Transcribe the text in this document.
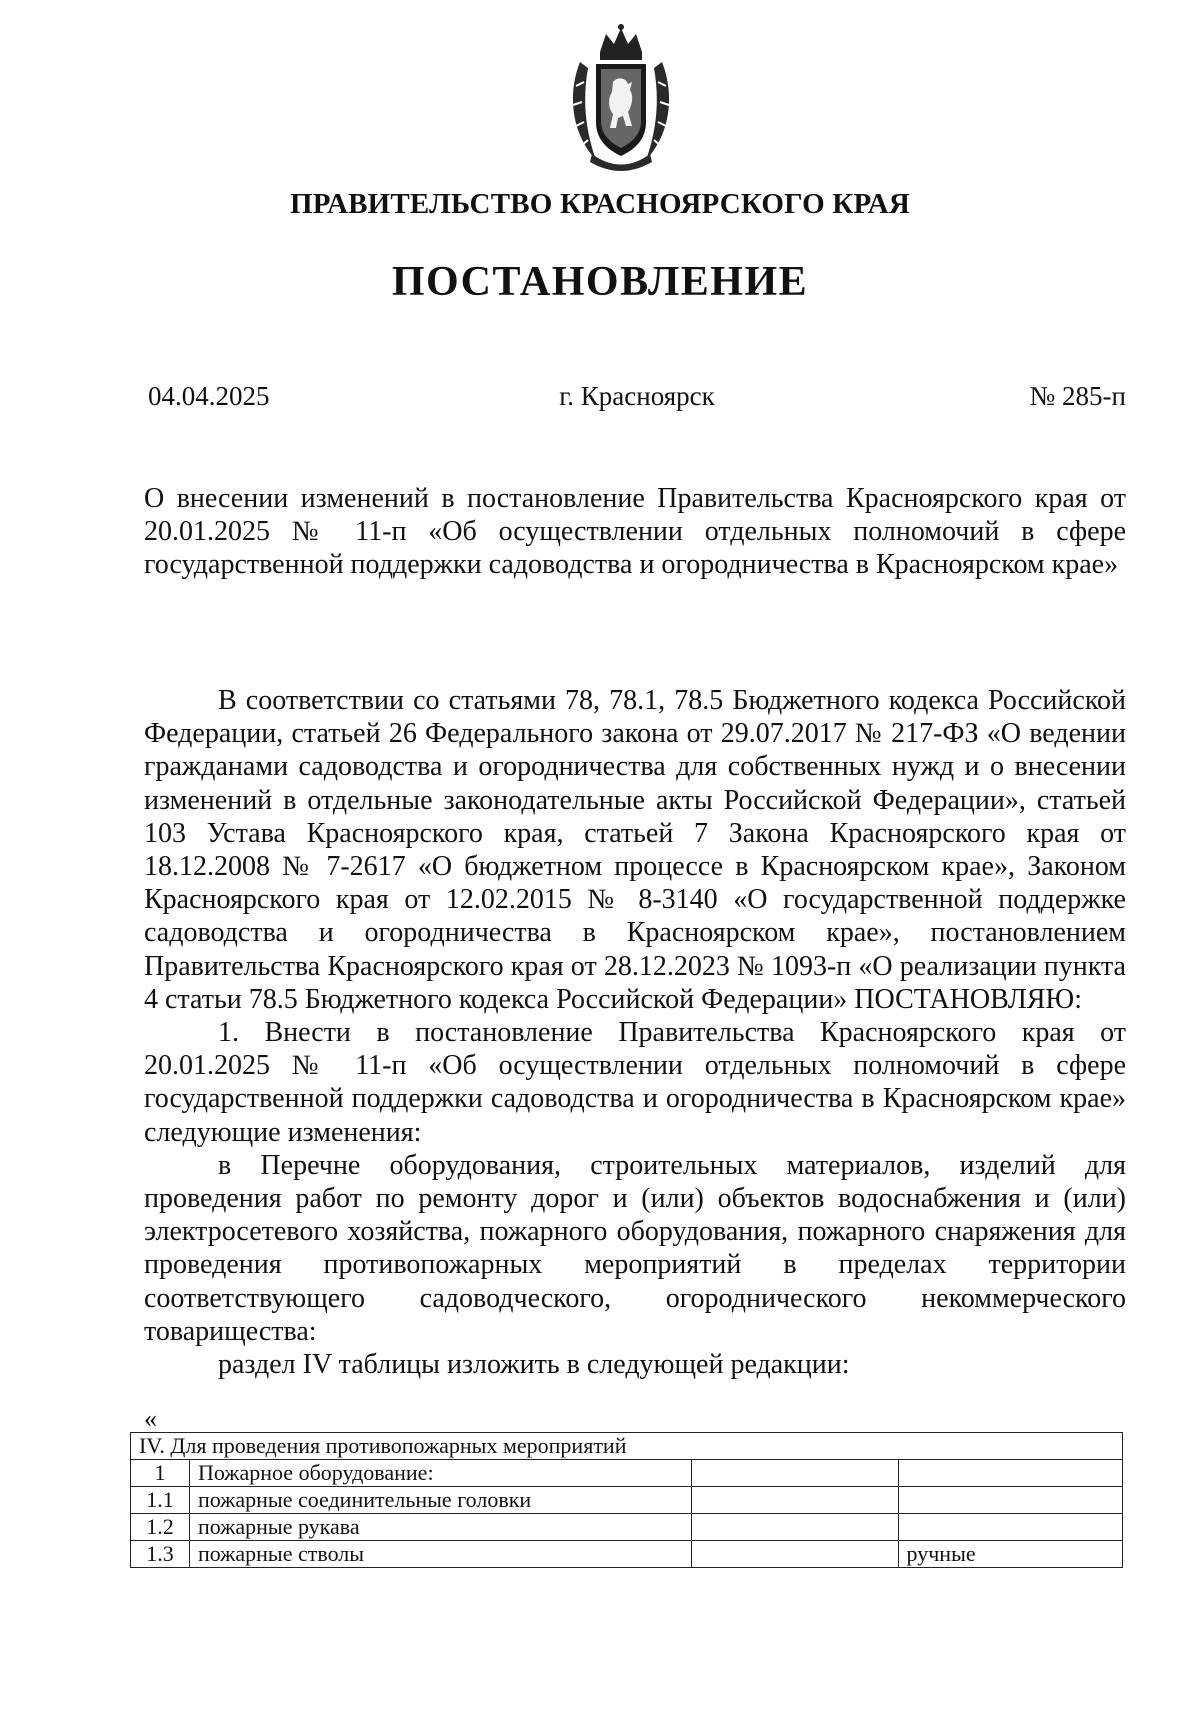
ПРАВИТЕЛЬСТВО КРАСНОЯРСКОГО КРАЯ
ПОСТАНОВЛЕНИЕ
04.04.2025	г. Красноярск	№ 285-п
О внесении изменений в постановление Правительства Красноярского края от 20.01.2025 № 11-п «Об осуществлении отдельных полномочий в сфере государственной поддержки садоводства и огородничества в Красноярском крае»

В соответствии со статьями 78, 78.1, 78.5 Бюджетного кодекса Российской Федерации, статьей 26 Федерального закона от 29.07.2017 № 217-ФЗ «О ведении гражданами садоводства и огородничества для собственных нужд и о внесении изменений в отдельные законодательные акты Российской Федерации», статьей 103 Устава Красноярского края, статьей 7 Закона Красноярского края от 18.12.2008 № 7-2617 «О бюджетном процессе в Красноярском крае», Законом Красноярского края от 12.02.2015 № 8-3140 «О государственной поддержке садоводства и огородничества в Красноярском крае», постановлением Правительства Красноярского края от 28.12.2023 № 1093-п «О реализации пункта 4 статьи 78.5 Бюджетного кодекса Российской Федерации» ПОСТАНОВЛЯЮ:

1. Внести в постановление Правительства Красноярского края от 20.01.2025 № 11-п «Об осуществлении отдельных полномочий в сфере государственной поддержки садоводства и огородничества в Красноярском крае» следующие изменения:

в Перечне оборудования, строительных материалов, изделий для проведения работ по ремонту дорог и (или) объектов водоснабжения и (или) электросетевого хозяйства, пожарного оборудования, пожарного снаряжения для проведения противопожарных мероприятий в пределах территории соответствующего садоводческого, огороднического некоммерческого товарищества:

раздел IV таблицы изложить в следующей редакции:

«
IV. Для проведения противопожарных мероприятий			
1	Пожарное оборудование:		
1.1	пожарные соединительные головки		
1.2	пожарные рукава		
1.3	пожарные стволы		ручные
